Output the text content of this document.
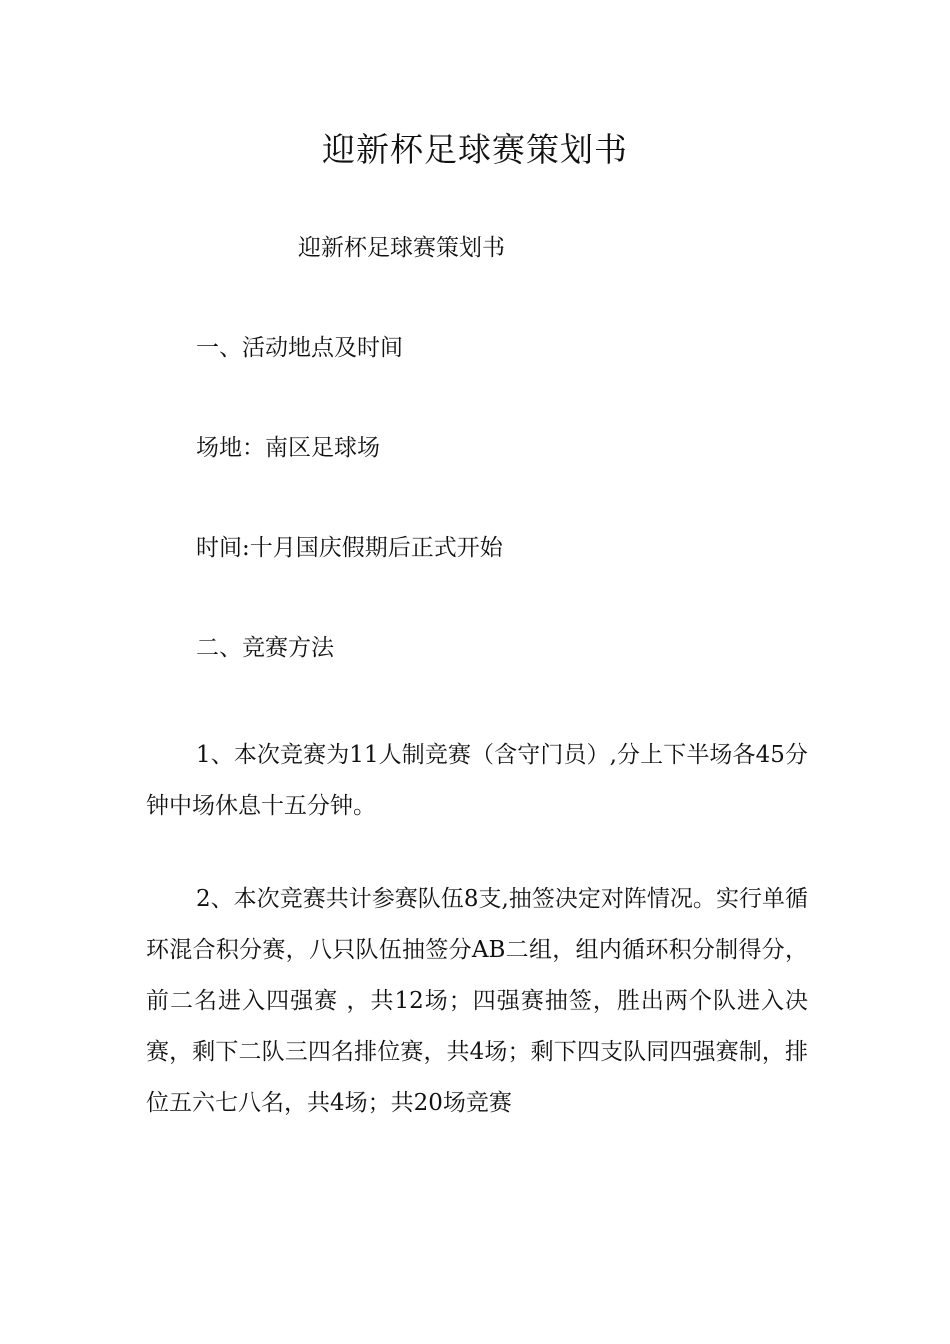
迎新杯足球赛策划书

迎新杯足球赛策划书

一、活动地点及时间

场地：南区足球场

时间:十月国庆假期后正式开始

二、竞赛方法

1、本次竞赛为11人制竞赛（含守门员）,分上下半场各45分钟中场休息十五分钟。

2、本次竞赛共计参赛队伍8支,抽签决定对阵情况。实行单循环混合积分赛，八只队伍抽签分AB二组，组内循环积分制得分，前二名进入四强赛 ，共12场；四强赛抽签，胜出两个队进入决赛，剩下二队三四名排位赛，共4场；剩下四支队同四强赛制，排位五六七八名，共4场；共20场竞赛
